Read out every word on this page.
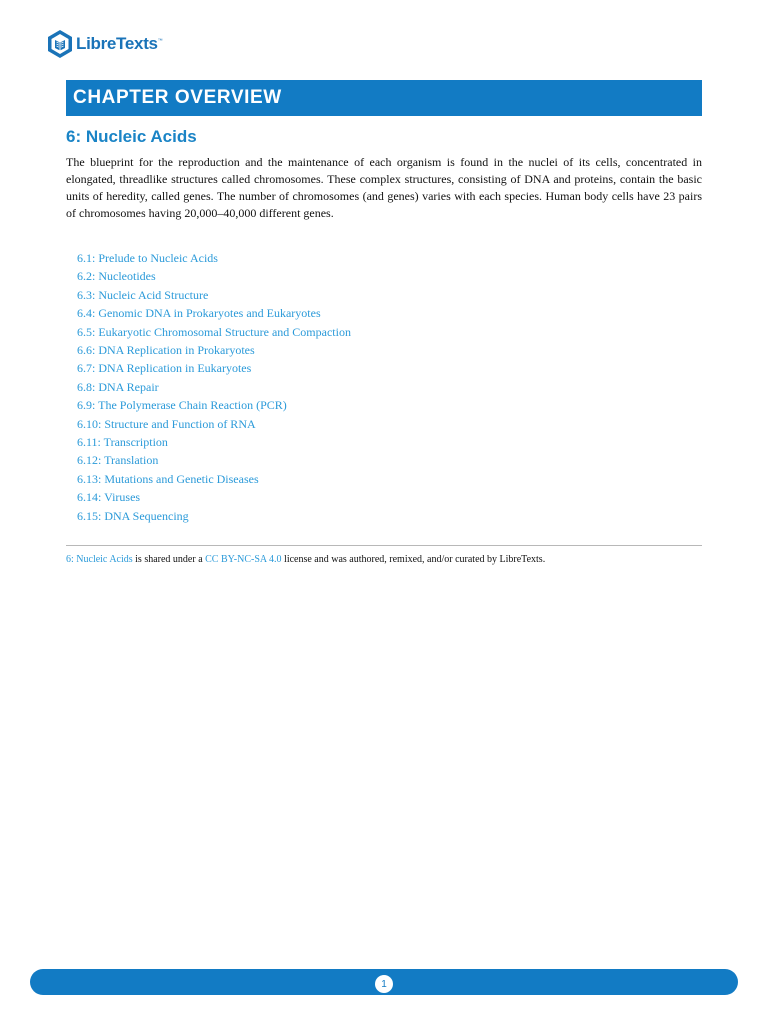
LibreTexts ™
CHAPTER OVERVIEW
6: Nucleic Acids

The blueprint for the reproduction and the maintenance of each organism is found in the nuclei of its cells, concentrated in elongated, threadlike structures called chromosomes. These complex structures, consisting of DNA and proteins, contain the basic units of heredity, called genes. The number of chromosomes (and genes) varies with each species. Human body cells have 23 pairs of chromosomes having 20,000–40,000 different genes.

6.1: Prelude to Nucleic Acids
6.2: Nucleotides
6.3: Nucleic Acid Structure
6.4: Genomic DNA in Prokaryotes and Eukaryotes
6.5: Eukaryotic Chromosomal Structure and Compaction
6.6: DNA Replication in Prokaryotes
6.7: DNA Replication in Eukaryotes
6.8: DNA Repair
6.9: The Polymerase Chain Reaction (PCR)
6.10: Structure and Function of RNA
6.11: Transcription
6.12: Translation
6.13: Mutations and Genetic Diseases
6.14: Viruses
6.15: DNA Sequencing

6: Nucleic Acids is shared under a CC BY-NC-SA 4.0 license and was authored, remixed, and/or curated by LibreTexts.

1
